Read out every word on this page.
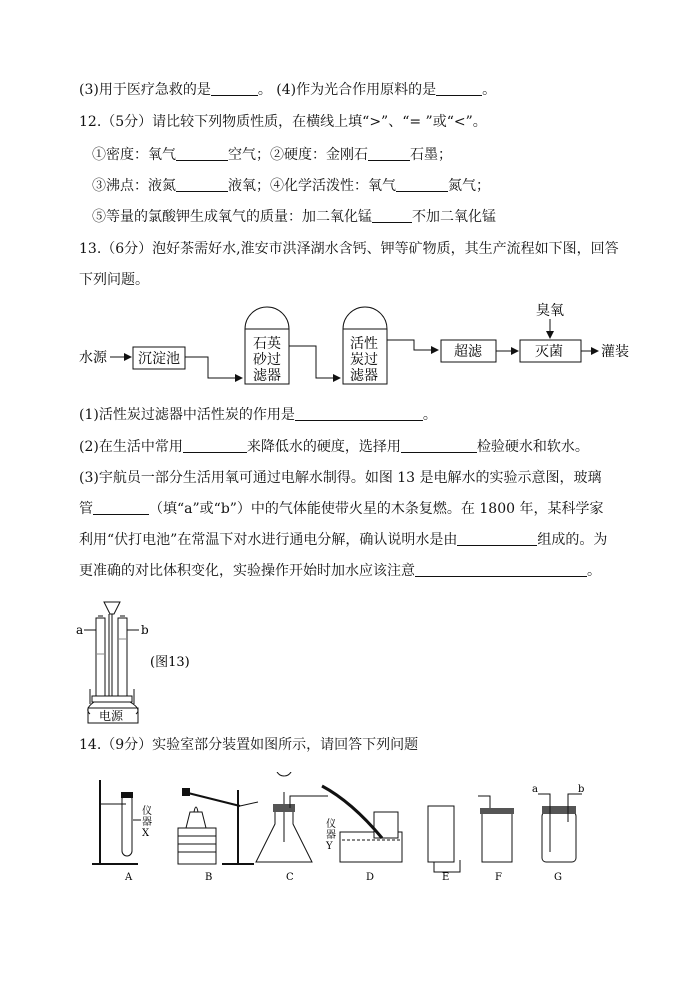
(3)用于医疗急救的是	。 (4)作为光合作用原料的是	。
12.（5分）请比较下列物质性质，在横线上填“>”、“= ”或“<”。
①密度：氧气	空气；②硬度：金刚石	石墨；
③沸点：液氮	液氧；④化学活泼性：氧气	氮气；
⑤等量的氯酸钾生成氧气的质量：加二氧化锰	不加二氧化锰
13.（6分）泡好茶需好水,淮安市洪泽湖水含钙、钾等矿物质，其生产流程如下图，回答
下列问题。
水源 沉淀池
石英
砂过
滤器
活性
炭过
滤器
超滤	灭菌
臭氧
灌装
(1)活性炭过滤器中活性炭的作用是	。
(2)在生活中常用	来降低水的硬度，选择用	检验硬水和软水。
(3)宇航员一部分生活用氧可通过电解水制得。如图 13 是电解水的实验示意图，玻璃
管	（填“a”或“b”）中的气体能使带火星的木条复燃。在 1800 年，某科学家
利用“伏打电池”在常温下对水进行通电分解，确认说明水是由	组成的。为
更准确的对比体积变化，实验操作开始时加水应该注意	。
a	b
电源
(图13)
14.（9分）实验室部分装置如图所示，请回答下列问题
仪
器
X
A	B	C
仪
器
Y
D	E	F
a	b
G
